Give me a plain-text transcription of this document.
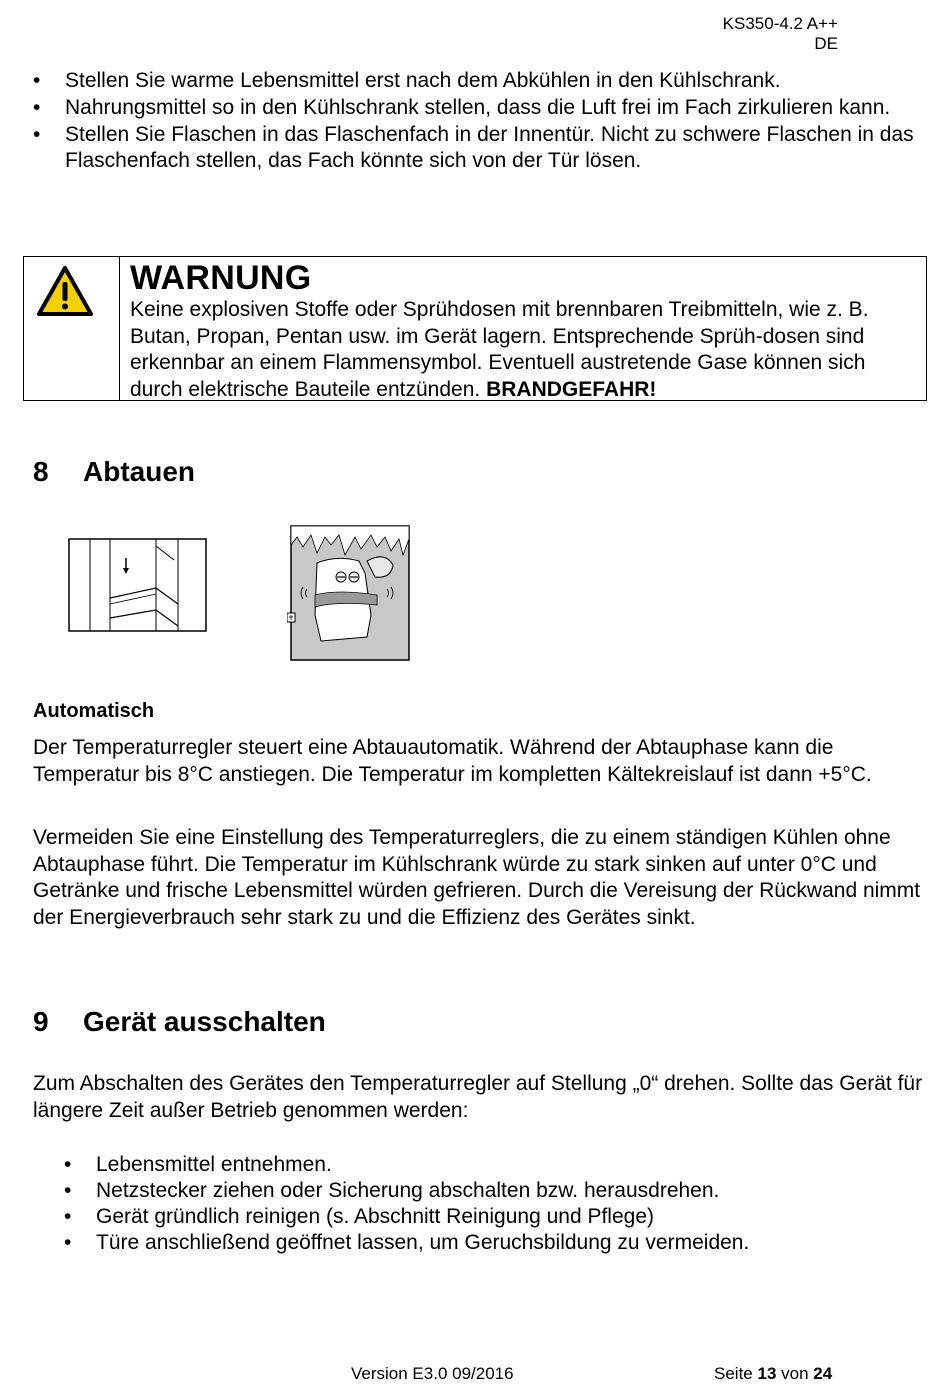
KS350-4.2 A++
DE
• Stellen Sie warme Lebensmittel erst nach dem Abkühlen in den Kühlschrank.
• Nahrungsmittel so in den Kühlschrank stellen, dass die Luft frei im Fach zirkulieren kann.
• Stellen Sie Flaschen in das Flaschenfach in der Innentür. Nicht zu schwere Flaschen in das Flaschenfach stellen, das Fach könnte sich von der Tür lösen.
WARNUNG
Keine explosiven Stoffe oder Sprühdosen mit brennbaren Treibmitteln, wie z. B. Butan, Propan, Pentan usw. im Gerät lagern. Entsprechende Sprüh-dosen sind erkennbar an einem Flammensymbol. Eventuell austretende Gase können sich durch elektrische Bauteile entzünden. BRANDGEFAHR!
8 Abtauen
Automatisch
Der Temperaturregler steuert eine Abtauautomatik. Während der Abtauphase kann die Temperatur bis 8°C anstiegen. Die Temperatur im kompletten Kältekreislauf ist dann +5°C.
Vermeiden Sie eine Einstellung des Temperaturreglers, die zu einem ständigen Kühlen ohne Abtauphase führt. Die Temperatur im Kühlschrank würde zu stark sinken auf unter 0°C und Getränke und frische Lebensmittel würden gefrieren. Durch die Vereisung der Rückwand nimmt der Energieverbrauch sehr stark zu und die Effizienz des Gerätes sinkt.
9 Gerät ausschalten
Zum Abschalten des Gerätes den Temperaturregler auf Stellung „0“ drehen. Sollte das Gerät für längere Zeit außer Betrieb genommen werden:
• Lebensmittel entnehmen.
• Netzstecker ziehen oder Sicherung abschalten bzw. herausdrehen.
• Gerät gründlich reinigen (s. Abschnitt Reinigung und Pflege)
• Türe anschließend geöffnet lassen, um Geruchsbildung zu vermeiden.
Version E3.0 09/2016	Seite 13 von 24
